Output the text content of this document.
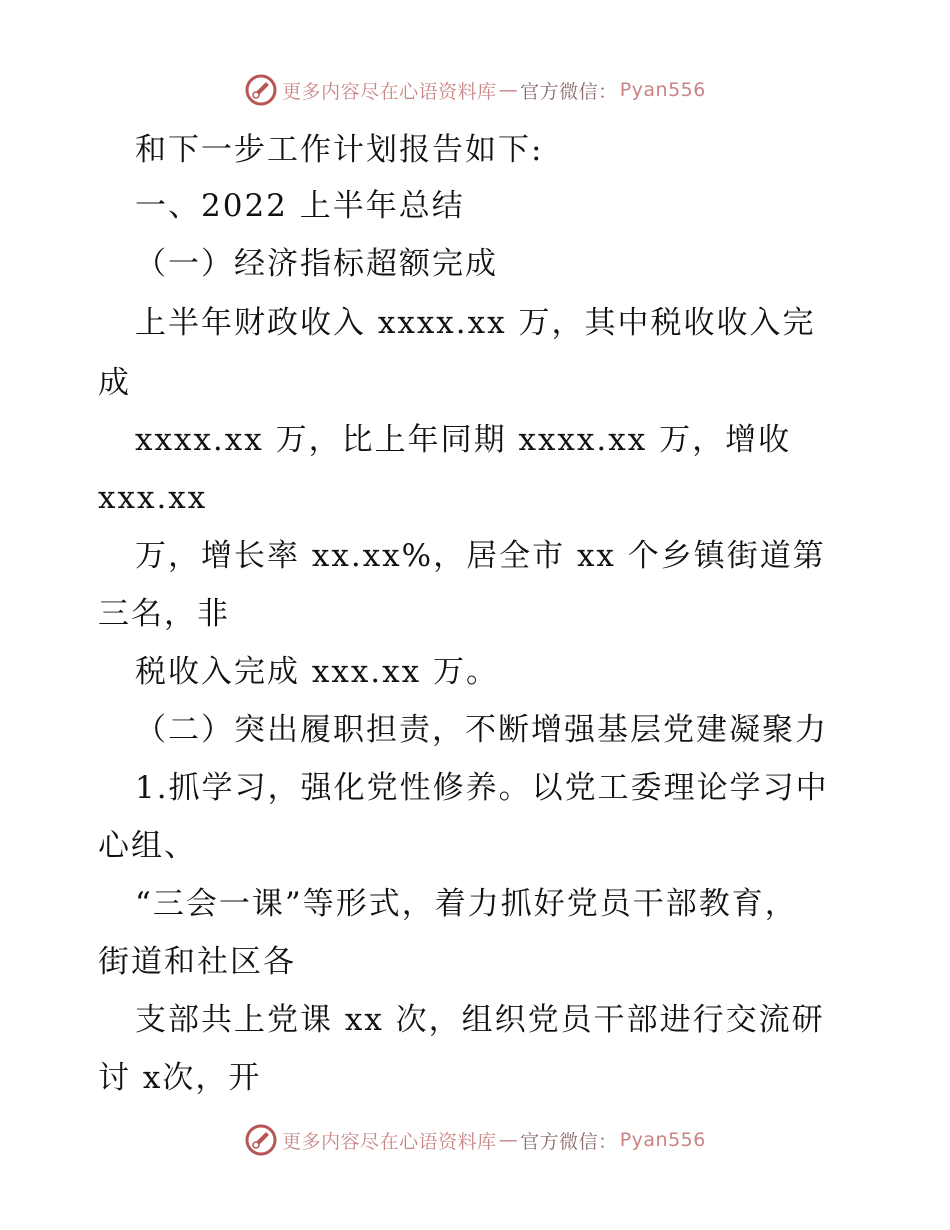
更多内容尽在心语资料库 — 官方微信： Pyan556
和下一步工作计划报告如下:
一、2022 上半年总结
（一）经济指标超额完成
上半年财政收入 xxxx.xx 万，其中税收收入完
成
xxxx.xx 万，比上年同期 xxxx.xx 万，增收
xxx.xx
万，增长率 xx.xx%，居全市 xx 个乡镇街道第
三名，非
税收入完成 xxx.xx 万。
（二）突出履职担责，不断增强基层党建凝聚力
1.抓学习，强化党性修养。以党工委理论学习中
心组、
“三会一课”等形式，着力抓好党员干部教育，
街道和社区各
支部共上党课 xx 次，组织党员干部进行交流研
讨 x次，开
更多内容尽在心语资料库 — 官方微信： Pyan556
